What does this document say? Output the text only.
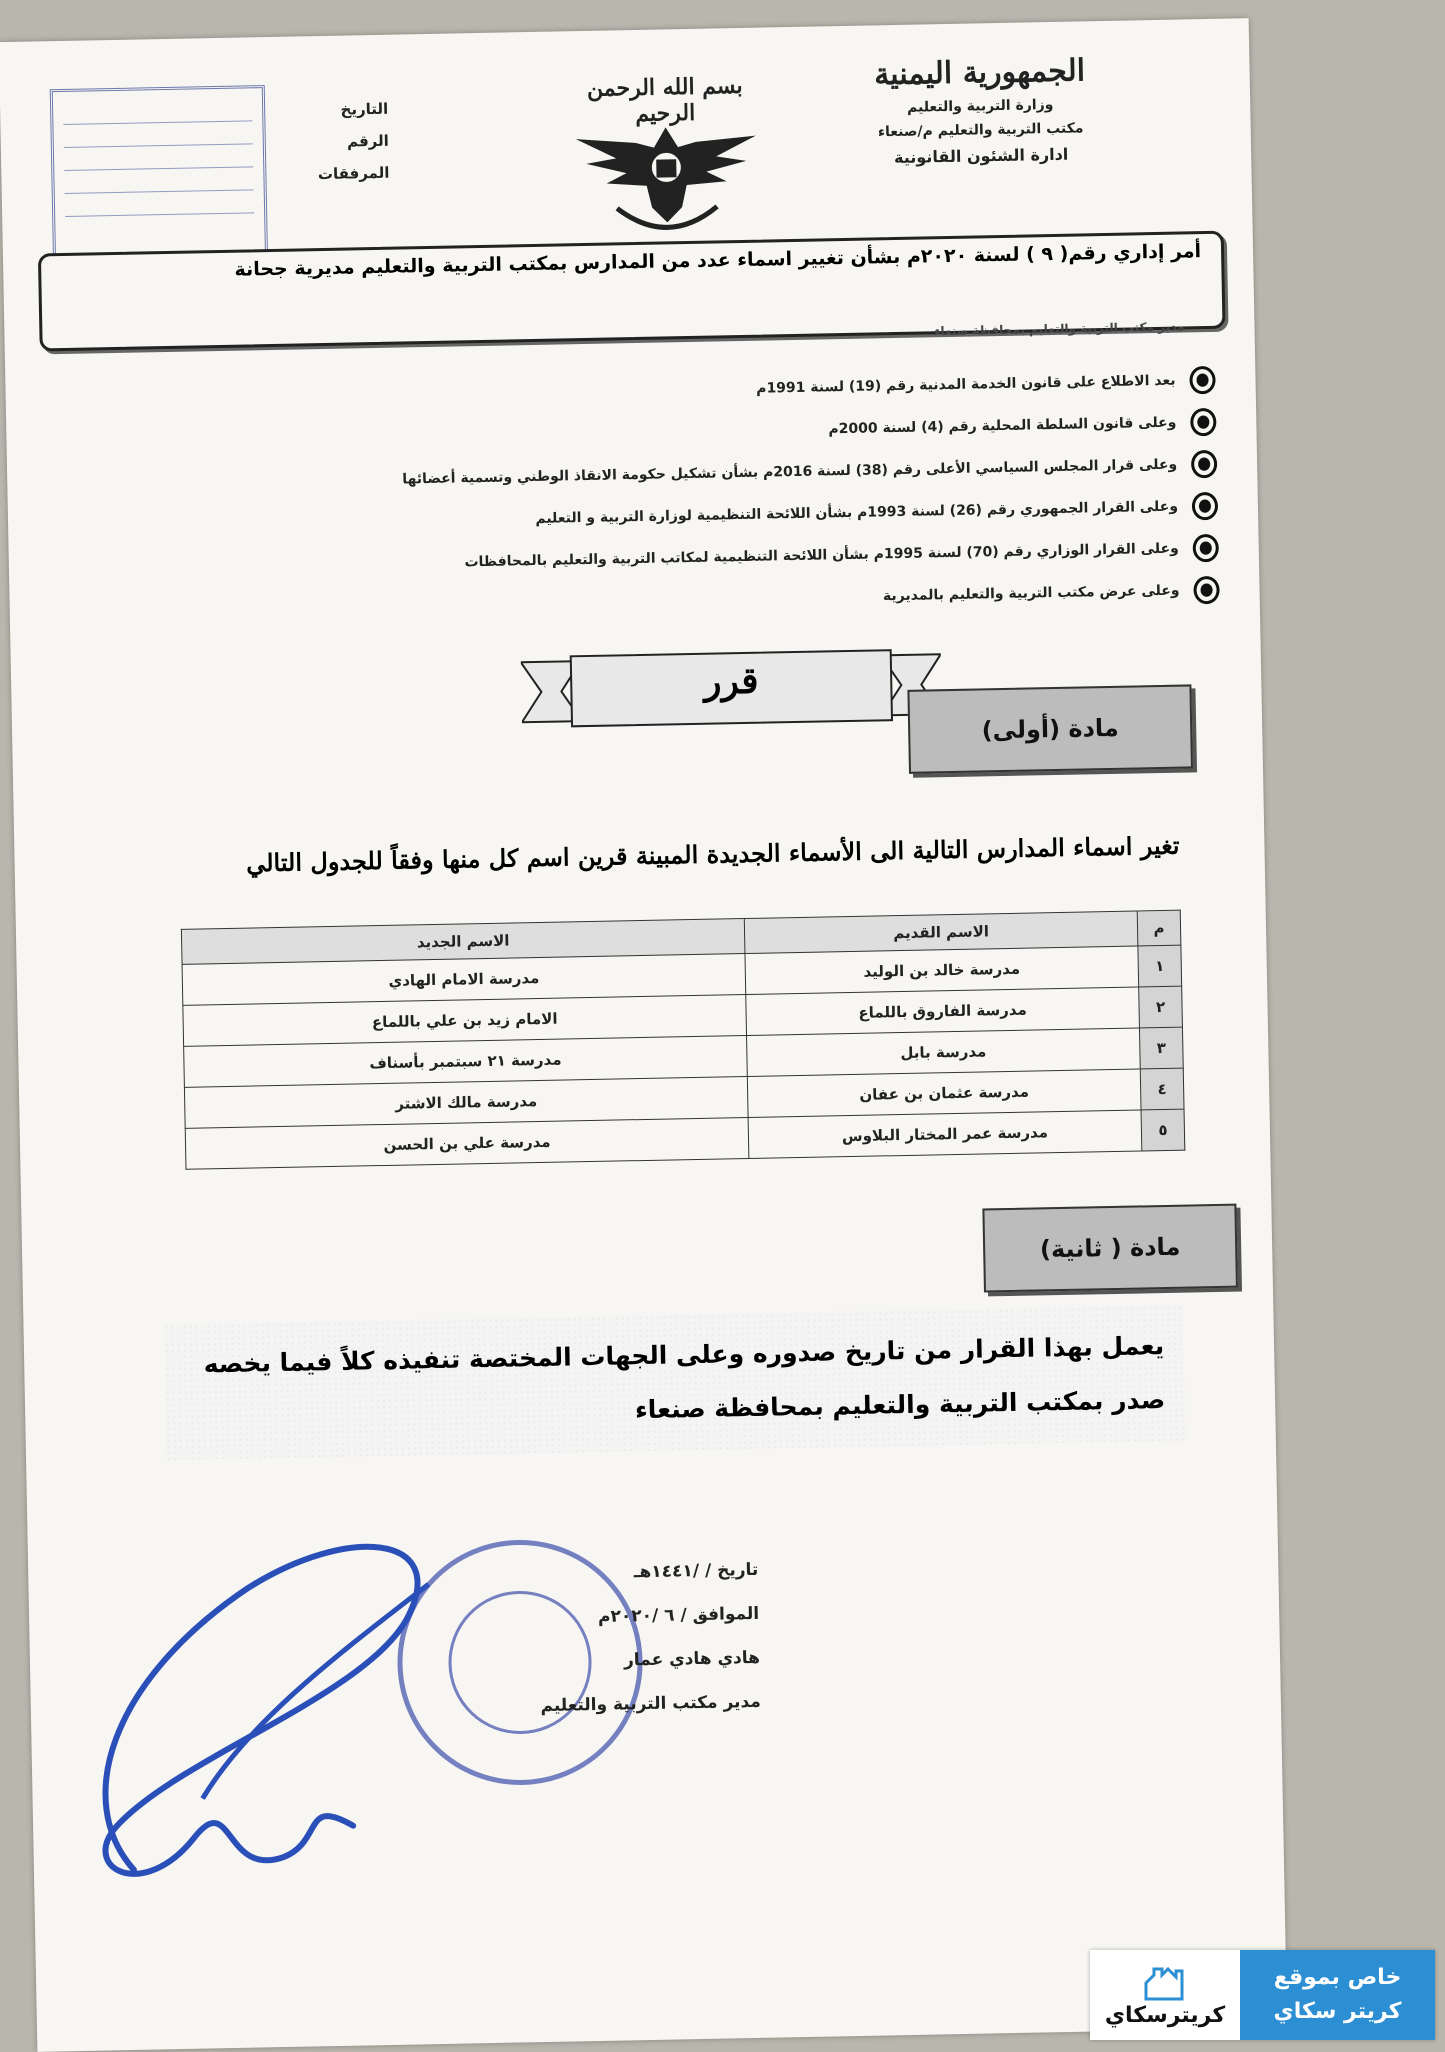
الجمهورية اليمنية
وزارة التربية والتعليم
مكتب التربية والتعليم م/صنعاء
ادارة الشئون القانونية
بسم الله الرحمن الرحيم
التاريخ
الرقم
المرفقات
أمر إداري رقم( ٩ ) لسنة ٢٠٢٠م بشأن تغيير اسماء عدد من المدارس بمكتب التربية والتعليم مديرية جحانة
مدير مكتب التربية والتعليم بمحافظة صنعاء
بعد الاطلاع على قانون الخدمة المدنية رقم (19) لسنة 1991م
وعلى قانون السلطة المحلية رقم (4) لسنة 2000م
وعلى قرار المجلس السياسي الأعلى رقم (38) لسنة 2016م بشأن تشكيل حكومة الانقاذ الوطني وتسمية أعضائها
وعلى القرار الجمهوري رقم (26) لسنة 1993م بشأن اللائحة التنظيمية لوزارة التربية و التعليم
وعلى القرار الوزاري رقم (70) لسنة 1995م بشأن اللائحة التنظيمية لمكاتب التربية والتعليم بالمحافظات
وعلى عرض مكتب التربية والتعليم بالمديرية
قرر
مادة (أولى)
تغير اسماء المدارس التالية الى الأسماء الجديدة المبينة قرين اسم كل منها وفقاً للجدول التالي
م	الاسم القديم	الاسم الجديد
١	مدرسة خالد بن الوليد	مدرسة الامام الهادي
٢	مدرسة الفاروق باللماع	الامام زيد بن علي باللماع
٣	مدرسة بابل	مدرسة ٢١ سبتمبر بأسناف
٤	مدرسة عثمان بن عفان	مدرسة مالك الاشتر
٥	مدرسة عمر المختار البلاوس	مدرسة علي بن الحسن
مادة ( ثانية)
يعمل بهذا القرار من تاريخ صدوره وعلى الجهات المختصة تنفيذه كلاً فيما يخصه
صدر بمكتب التربية والتعليم بمحافظة صنعاء
تاريخ / /١٤٤١هـ
الموافق / ٦ /٢٠٢٠م
هادي هادي عمار
مدير مكتب التربية والتعليم
كريترسكاي
خاص بموقع
كريتر سكاي
